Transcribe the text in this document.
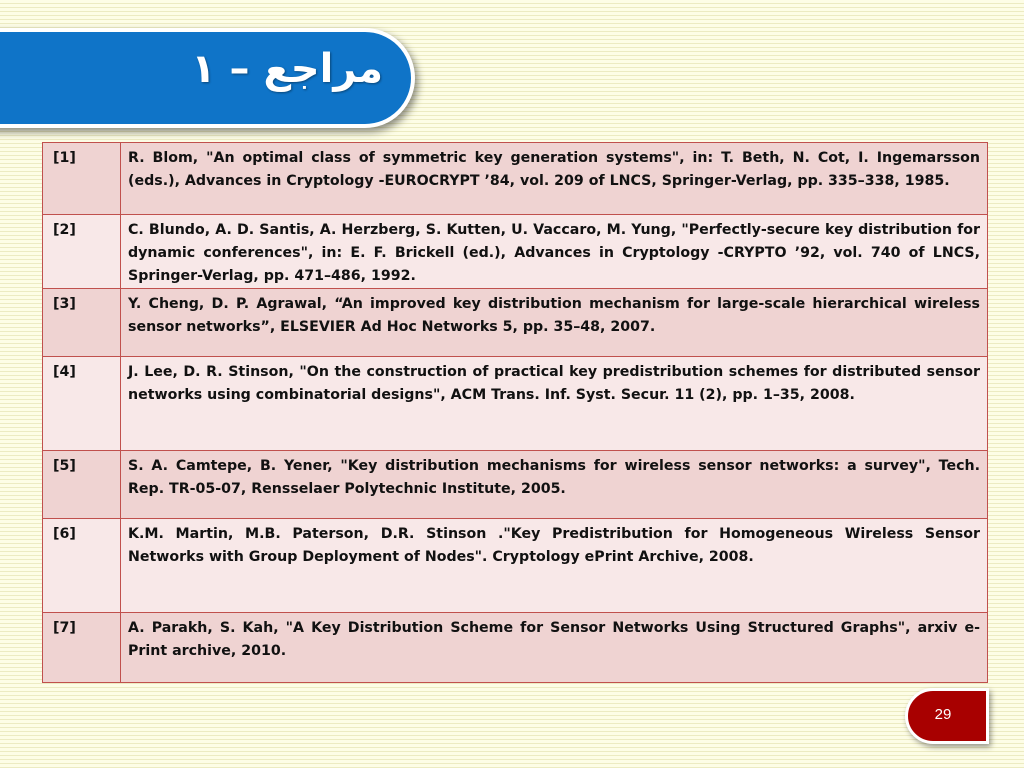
مراجع – ۱
[1]	R. Blom, "An optimal class of symmetric key generation systems", in: T. Beth, N. Cot, I. Ingemarsson (eds.), Advances in Cryptology -EUROCRYPT ’84, vol. 209 of LNCS, Springer-Verlag, pp. 335–338, 1985.
[2]	C. Blundo, A. D. Santis, A. Herzberg, S. Kutten, U. Vaccaro, M. Yung, "Perfectly-secure key distribution for dynamic conferences", in: E. F. Brickell (ed.), Advances in Cryptology -CRYPTO ’92, vol. 740 of LNCS, Springer-Verlag, pp. 471–486, 1992.
[3]	Y. Cheng, D. P. Agrawal, “An improved key distribution mechanism for large-scale hierarchical wireless sensor networks”, ELSEVIER Ad Hoc Networks 5, pp. 35–48, 2007.
[4]	J. Lee, D. R. Stinson, "On the construction of practical key predistribution schemes for distributed sensor networks using combinatorial designs", ACM Trans. Inf. Syst. Secur. 11 (2), pp. 1–35, 2008.
[5]	S. A. Camtepe, B. Yener, "Key distribution mechanisms for wireless sensor networks: a survey", Tech. Rep. TR-05-07, Rensselaer Polytechnic Institute, 2005.
[6]	K.M. Martin, M.B. Paterson, D.R. Stinson ."Key Predistribution for Homogeneous Wireless Sensor Networks with Group Deployment of Nodes". Cryptology ePrint Archive, 2008.
[7]	A. Parakh, S. Kah, "A Key Distribution Scheme for Sensor Networks Using Structured Graphs", arxiv e-Print archive, 2010.
29
